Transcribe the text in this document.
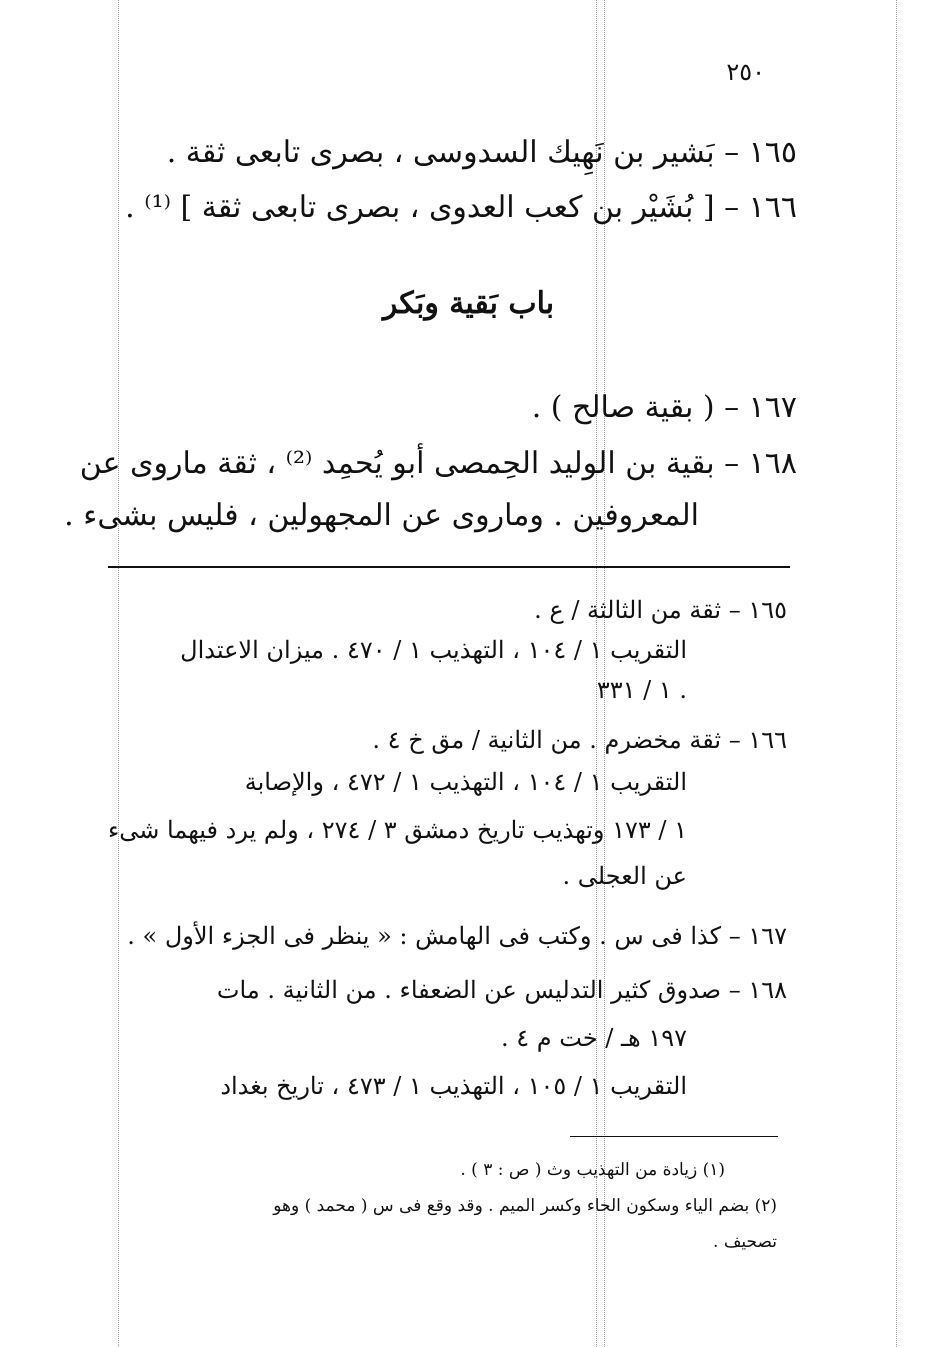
٢٥٠
١٦٥ – بَشير بن نَهِيك السدوسى ، بصرى تابعى ثقة .
١٦٦ – [ بُشَيْر بن كعب العدوى ، بصرى تابعى ثقة ] ⁽¹⁾ .
باب بَقية وبَكر
١٦٧ – ( بقية صالح ) .
١٦٨ – بقية بن الوليد الحِمصى أبو يُحمِد ⁽²⁾ ، ثقة ماروى عن
المعروفين . وماروى عن المجهولين ، فليس بشىء .
١٦٥ – ثقة من الثالثة / ع .
التقريب ١ / ١٠٤ ، التهذيب ١ / ٤٧٠ . ميزان الاعتدال
١ / ٣٣١ .
١٦٦ – ثقة مخضرم . من الثانية / مق خ ٤ .
التقريب ١ / ١٠٤ ، التهذيب ١ / ٤٧٢ ، والإصابة
١ / ١٧٣ وتهذيب تاريخ دمشق ٣ / ٢٧٤ ، ولم يرد فيهما شىء
عن العجلى .
١٦٧ – كذا فى س . وكتب فى الهامش : « ينظر فى الجزء الأول » .
١٦٨ – صدوق كثير التدليس عن الضعفاء . من الثانية . مات
١٩٧ هـ / خت م ٤ .
التقريب ١ / ١٠٥ ، التهذيب ١ / ٤٧٣ ، تاريخ بغداد
(١) زيادة من التهذيب وث ( ص : ٣ ) .
(٢) بضم الياء وسكون الحاء وكسر الميم . وقد وقع فى س ( محمد ) وهو
تصحيف .
